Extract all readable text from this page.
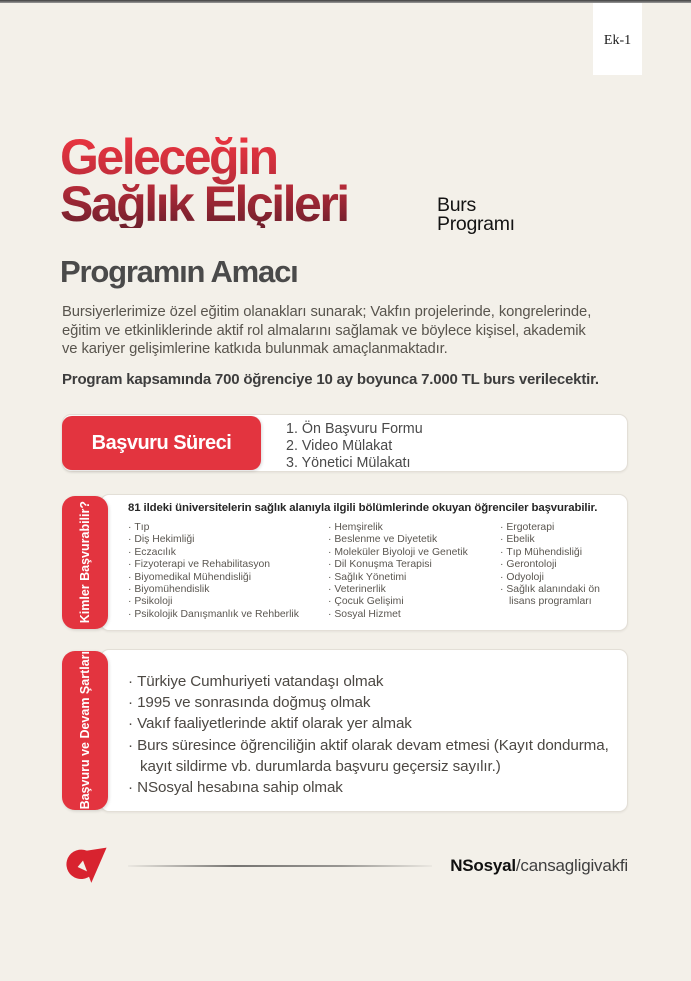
Ek-1
Geleceğin
Sağlık Elçileri	Burs
Programı
Programın Amacı
Bursiyerlerimize özel eğitim olanakları sunarak; Vakfın projelerinde, kongrelerinde, eğitim ve etkinliklerinde aktif rol almalarını sağlamak ve böylece kişisel, akademik ve kariyer gelişimlerine katkıda bulunmak amaçlanmaktadır.
Program kapsamında 700 öğrenciye 10 ay boyunca 7.000 TL burs verilecektir.
Başvuru Süreci
1. Ön Başvuru Formu
2. Video Mülakat
3. Yönetici Mülakatı
Kimler Başvurabilir?	81 ildeki üniversitelerin sağlık alanıyla ilgili bölümlerinde okuyan öğrenciler başvurabilir.
· Tıp
· Diş Hekimliği
· Eczacılık
· Fizyoterapi ve Rehabilitasyon
· Biyomedikal Mühendisliği
· Biyomühendislik
· Psikoloji
· Psikolojik Danışmanlık ve Rehberlik
· Hemşirelik
· Beslenme ve Diyetetik
· Moleküler Biyoloji ve Genetik
· Dil Konuşma Terapisi
· Sağlık Yönetimi
· Veterinerlik
· Çocuk Gelişimi
· Sosyal Hizmet
· Ergoterapi
· Ebelik
· Tıp Mühendisliği
· Gerontoloji
· Odyoloji
· Sağlık alanındaki ön lisans programları
Başvuru ve Devam Şartları	· Türkiye Cumhuriyeti vatandaşı olmak
· 1995 ve sonrasında doğmuş olmak
· Vakıf faaliyetlerinde aktif olarak yer almak
· Burs süresince öğrenciliğin aktif olarak devam etmesi (Kayıt dondurma, kayıt sildirme vb. durumlarda başvuru geçersiz sayılır.)
· NSosyal hesabına sahip olmak
NSosyal/cansagligivakfi
